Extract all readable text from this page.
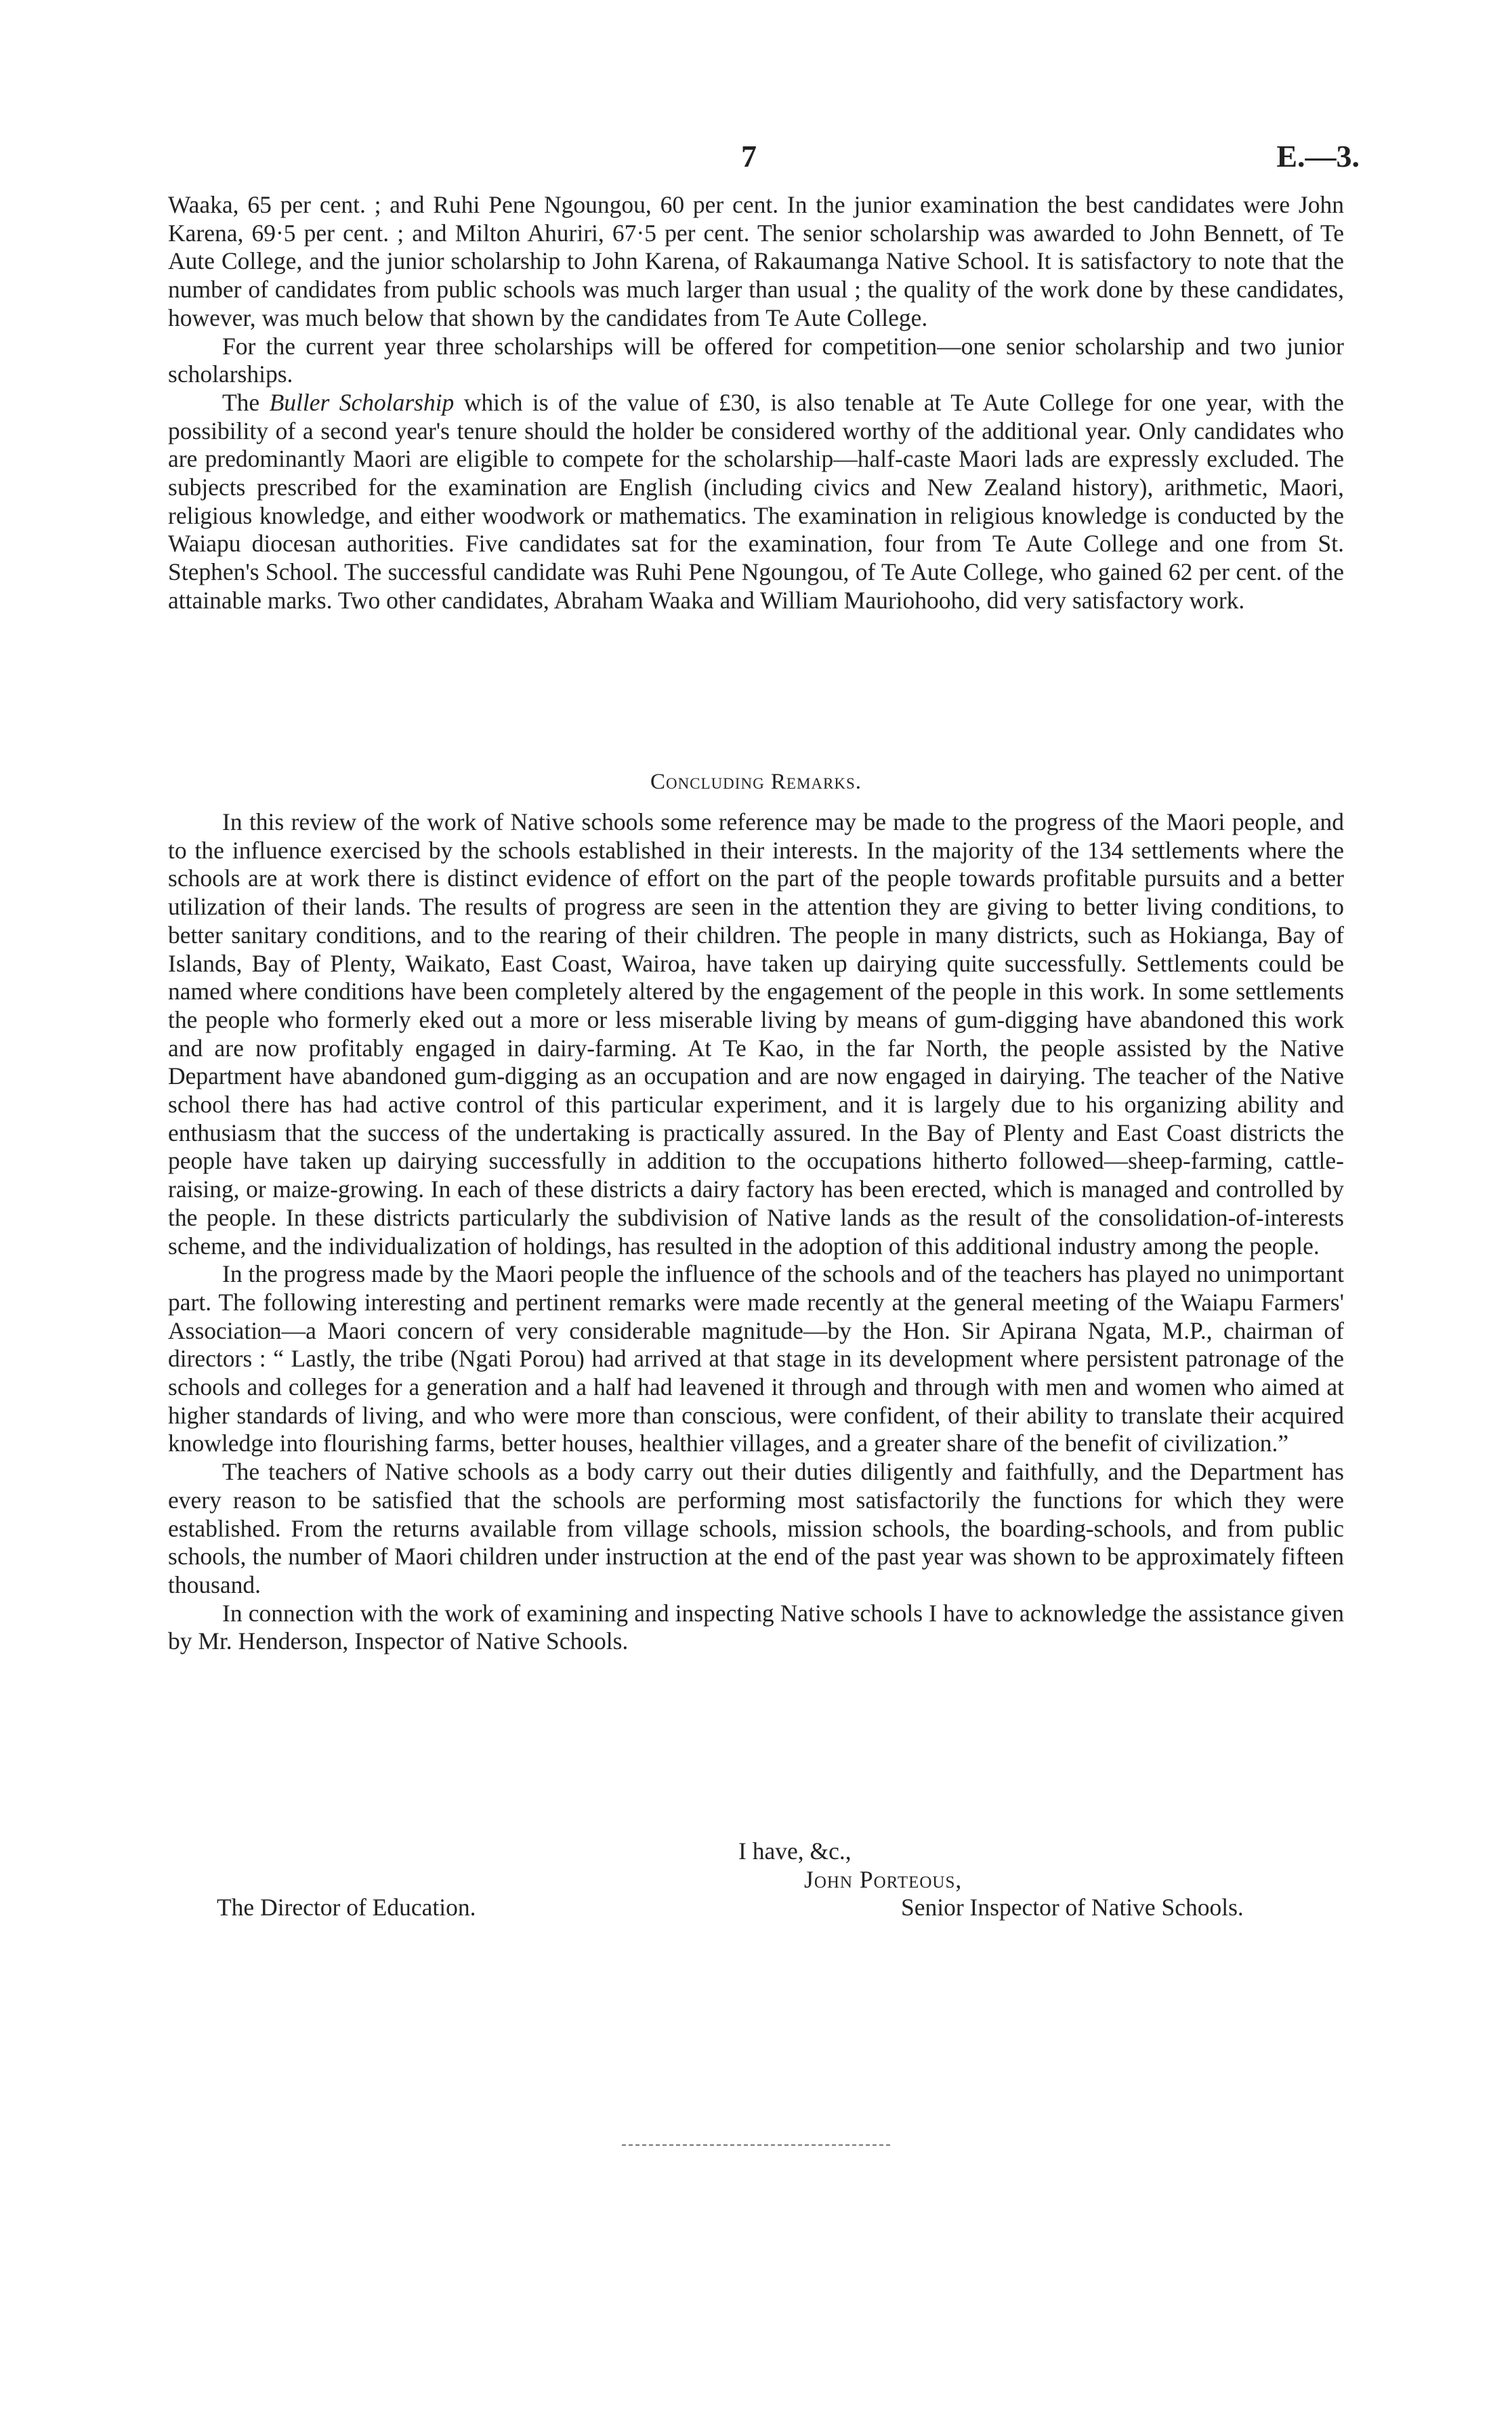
7	E.—3.

Waaka, 65 per cent. ; and Ruhi Pene Ngoungou, 60 per cent. In the junior examination the best candidates were John Karena, 69·5 per cent. ; and Milton Ahuriri, 67·5 per cent. The senior scholarship was awarded to John Bennett, of Te Aute College, and the junior scholarship to John Karena, of Rakaumanga Native School. It is satisfactory to note that the number of candidates from public schools was much larger than usual ; the quality of the work done by these candidates, however, was much below that shown by the candidates from Te Aute College.

For the current year three scholarships will be offered for competition—one senior scholarship and two junior scholarships.

The Buller Scholarship which is of the value of £30, is also tenable at Te Aute College for one year, with the possibility of a second year's tenure should the holder be considered worthy of the additional year. Only candidates who are predominantly Maori are eligible to compete for the scholarship—half-caste Maori lads are expressly excluded. The subjects prescribed for the examination are English (including civics and New Zealand history), arithmetic, Maori, religious knowledge, and either woodwork or mathematics. The examination in religious knowledge is conducted by the Waiapu diocesan authorities. Five candidates sat for the examination, four from Te Aute College and one from St. Stephen's School. The successful candidate was Ruhi Pene Ngoungou, of Te Aute College, who gained 62 per cent. of the attainable marks. Two other candidates, Abraham Waaka and William Mauriohooho, did very satisfactory work.

Concluding Remarks.

In this review of the work of Native schools some reference may be made to the progress of the Maori people, and to the influence exercised by the schools established in their interests. In the majority of the 134 settlements where the schools are at work there is distinct evidence of effort on the part of the people towards profitable pursuits and a better utilization of their lands. The results of progress are seen in the attention they are giving to better living conditions, to better sanitary conditions, and to the rearing of their children. The people in many districts, such as Hokianga, Bay of Islands, Bay of Plenty, Waikato, East Coast, Wairoa, have taken up dairying quite successfully. Settlements could be named where conditions have been completely altered by the engagement of the people in this work. In some settlements the people who formerly eked out a more or less miserable living by means of gum-digging have abandoned this work and are now profitably engaged in dairy-farming. At Te Kao, in the far North, the people assisted by the Native Department have abandoned gum-digging as an occupation and are now engaged in dairying. The teacher of the Native school there has had active control of this particular experiment, and it is largely due to his organizing ability and enthusiasm that the success of the undertaking is practically assured. In the Bay of Plenty and East Coast districts the people have taken up dairying successfully in addition to the occupations hitherto followed—sheep-farming, cattle-raising, or maize-growing. In each of these districts a dairy factory has been erected, which is managed and controlled by the people. In these districts particularly the subdivision of Native lands as the result of the consolidation-of-interests scheme, and the individualization of holdings, has resulted in the adoption of this additional industry among the people.

In the progress made by the Maori people the influence of the schools and of the teachers has played no unimportant part. The following interesting and pertinent remarks were made recently at the general meeting of the Waiapu Farmers' Association—a Maori concern of very considerable magnitude—by the Hon. Sir Apirana Ngata, M.P., chairman of directors : “ Lastly, the tribe (Ngati Porou) had arrived at that stage in its development where persistent patronage of the schools and colleges for a generation and a half had leavened it through and through with men and women who aimed at higher standards of living, and who were more than conscious, were confident, of their ability to translate their acquired knowledge into flourishing farms, better houses, healthier villages, and a greater share of the benefit of civilization.”

The teachers of Native schools as a body carry out their duties diligently and faithfully, and the Department has every reason to be satisfied that the schools are performing most satisfactorily the functions for which they were established. From the returns available from village schools, mission schools, the boarding-schools, and from public schools, the number of Maori children under instruction at the end of the past year was shown to be approximately fifteen thousand.

In connection with the work of examining and inspecting Native schools I have to acknowledge the assistance given by Mr. Henderson, Inspector of Native Schools.

I have, &c.,
John Porteous,
The Director of Education.	Senior Inspector of Native Schools.
